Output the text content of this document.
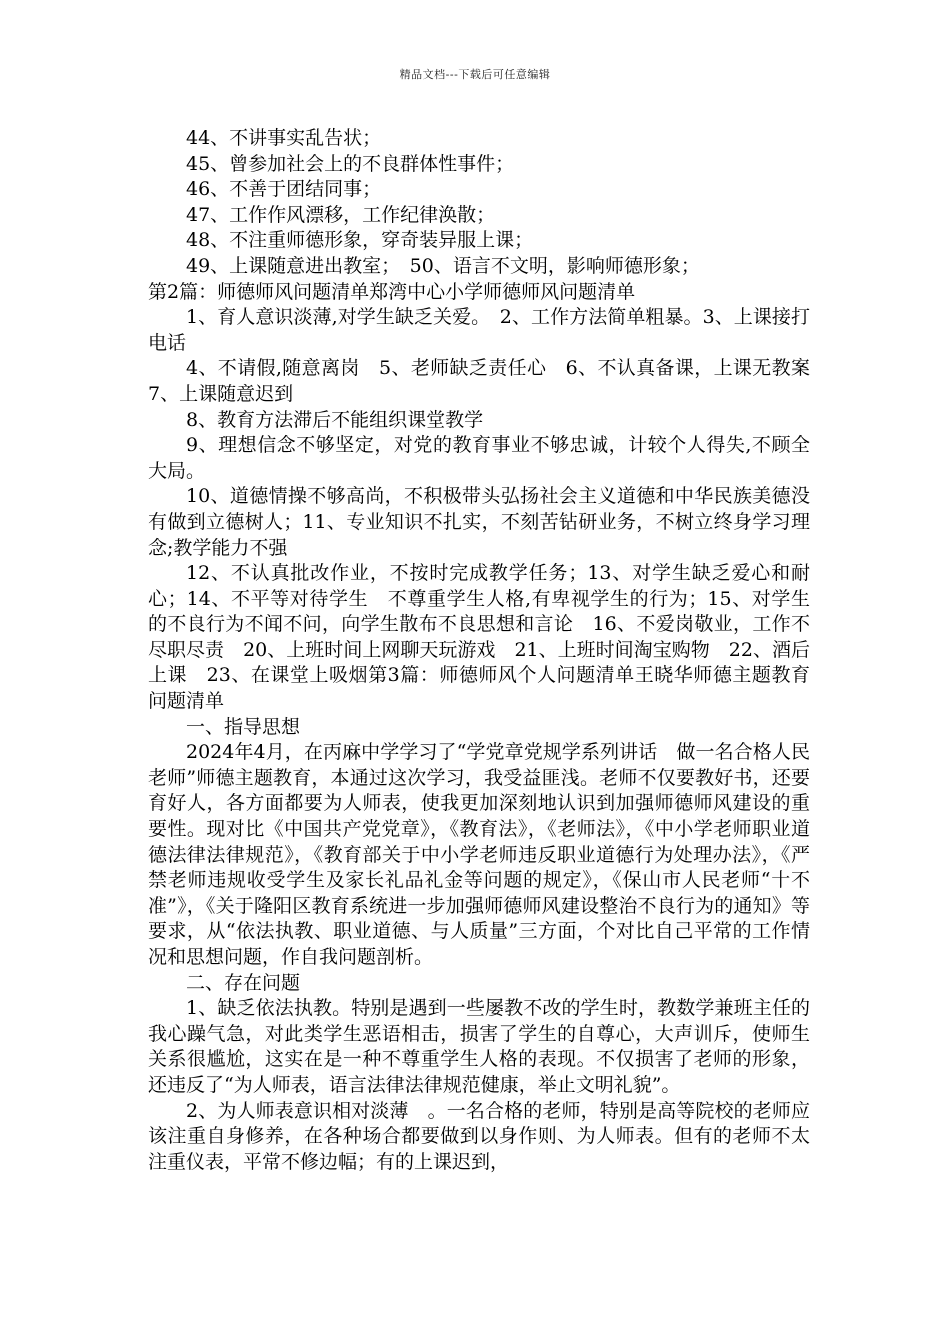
精品文档---下载后可任意编辑

44、不讲事实乱告状；

45、曾参加社会上的不良群体性事件；

46、不善于团结同事；

47、工作作风漂移，工作纪律涣散；

48、不注重师德形象，穿奇装异服上课；

49、上课随意进出教室；　50、语言不文明，影响师德形象；

第2篇：师德师风问题清单郑湾中心小学师德师风问题清单

1、育人意识淡薄,对学生缺乏关爱。　2、工作方法简单粗暴。3、上课接打电话

4、不请假,随意离岗　5、老师缺乏责任心　6、不认真备课，上课无教案　7、上课随意迟到

8、教育方法滞后不能组织课堂教学

9、理想信念不够坚定，对党的教育事业不够忠诚，计较个人得失,不顾全大局。

10、道德情操不够高尚，不积极带头弘扬社会主义道德和中华民族美德没有做到立德树人；11、专业知识不扎实，不刻苦钻研业务，不树立终身学习理念;教学能力不强

12、不认真批改作业，不按时完成教学任务；13、对学生缺乏爱心和耐心；14、不平等对待学生　不尊重学生人格,有卑视学生的行为；15、对学生的不良行为不闻不问，向学生散布不良思想和言论　16、不爱岗敬业，工作不尽职尽责　20、上班时间上网聊天玩游戏　21、上班时间淘宝购物　22、酒后上课　23、在课堂上吸烟第3篇：师德师风个人问题清单王晓华师德主题教育问题清单

一、指导思想

2024年4月，在丙麻中学学习了“学党章党规学系列讲话　做一名合格人民老师”师德主题教育，本通过这次学习，我受益匪浅。老师不仅要教好书，还要育好人，各方面都要为人师表，使我更加深刻地认识到加强师德师风建设的重要性。现对比《中国共产党党章》，《教育法》，《老师法》，《中小学老师职业道德法律法律规范》，《教育部关于中小学老师违反职业道德行为处理办法》，《严禁老师违规收受学生及家长礼品礼金等问题的规定》，《保山市人民老师“十不准”》，《关于隆阳区教育系统进一步加强师德师风建设整治不良行为的通知》等要求，从“依法执教、职业道德、与人质量”三方面，个对比自己平常的工作情况和思想问题，作自我问题剖析。

二、存在问题

1、缺乏依法执教。特别是遇到一些屡教不改的学生时，教数学兼班主任的我心躁气急，对此类学生恶语相击，损害了学生的自尊心，大声训斥，使师生关系很尴尬，这实在是一种不尊重学生人格的表现。不仅损害了老师的形象，还违反了“为人师表，语言法律法律规范健康，举止文明礼貌”。

2、为人师表意识相对淡薄　。一名合格的老师，特别是高等院校的老师应该注重自身修养，在各种场合都要做到以身作则、为人师表。但有的老师不太注重仪表，平常不修边幅；有的上课迟到，
